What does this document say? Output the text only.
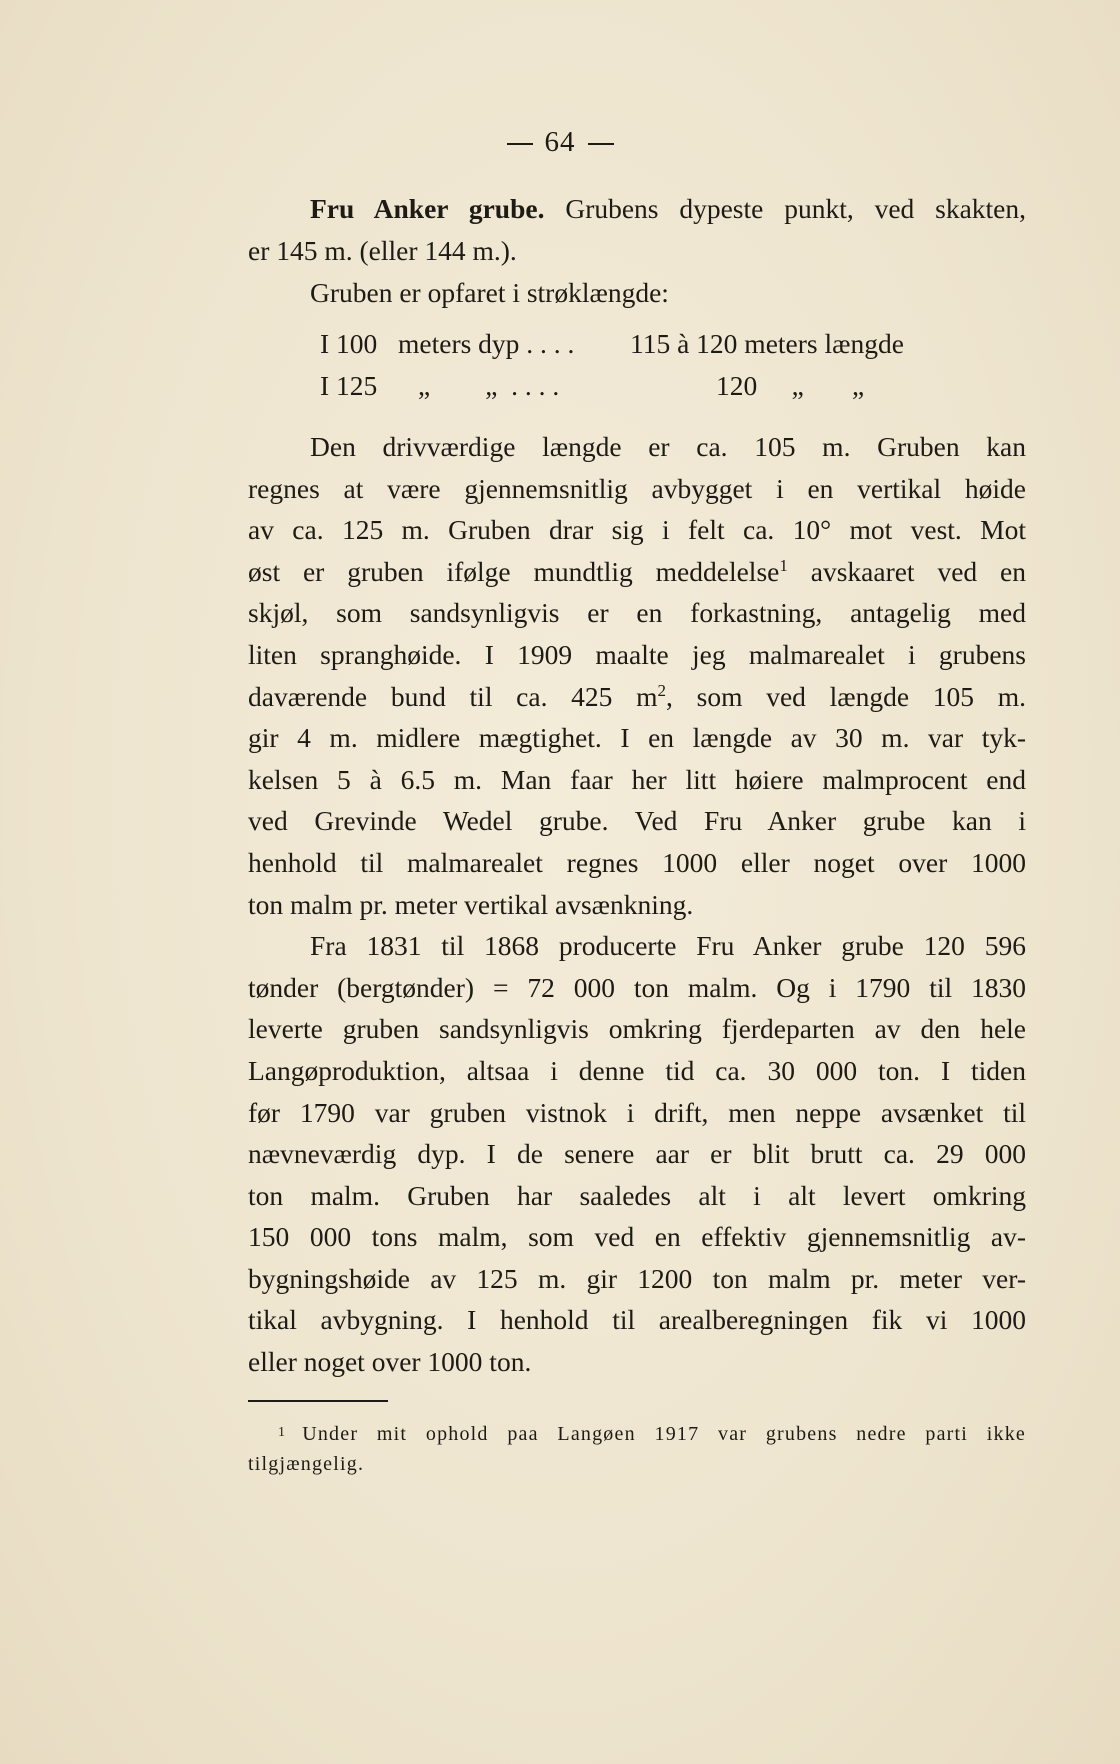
64
Fru Anker grube. Grubens dypeste punkt, ved skakten,
er 145 m. (eller 144 m.).
Gruben er opfaret i strøklængde:
I 100 meters dyp . . . . 115 à 120 meters længde
I 125 „        „  . . . .	120     „       „
Den drivværdige længde er ca. 105 m. Gruben kan
regnes at være gjennemsnitlig avbygget i en vertikal høide
av ca. 125 m. Gruben drar sig i felt ca. 10° mot vest. Mot
øst er gruben ifølge mundtlig meddelelse$^1$ avskaaret ved en
skjøl, som sandsynligvis er en forkastning, antagelig med
liten spranghøide. I 1909 maalte jeg malmarealet i grubens
daværende bund til ca. 425 $m^2$, som ved længde 105 m.
gir 4 m. midlere mægtighet. I en længde av 30 m. var tyk-
kelsen 5 à 6.5 m. Man faar her litt høiere malmprocent end
ved Grevinde Wedel grube. Ved Fru Anker grube kan i
henhold til malmarealet regnes 1000 eller noget over 1000
ton malm pr. meter vertikal avsænkning.
Fra 1831 til 1868 producerte Fru Anker grube 120 596
tønder (bergtønder) = 72 000 ton malm. Og i 1790 til 1830
leverte gruben sandsynligvis omkring fjerdeparten av den hele
Langøproduktion, altsaa i denne tid ca. 30 000 ton. I tiden
før 1790 var gruben vistnok i drift, men neppe avsænket til
nævneværdig dyp. I de senere aar er blit brutt ca. 29 000
ton malm. Gruben har saaledes alt i alt levert omkring
150 000 tons malm, som ved en effektiv gjennemsnitlig av-
bygningshøide av 125 m. gir 1200 ton malm pr. meter ver-
tikal avbygning. I henhold til arealberegningen fik vi 1000
eller noget over 1000 ton.
$^1$ Under mit ophold paa Langøen 1917 var grubens nedre parti ikke
tilgjængelig.
